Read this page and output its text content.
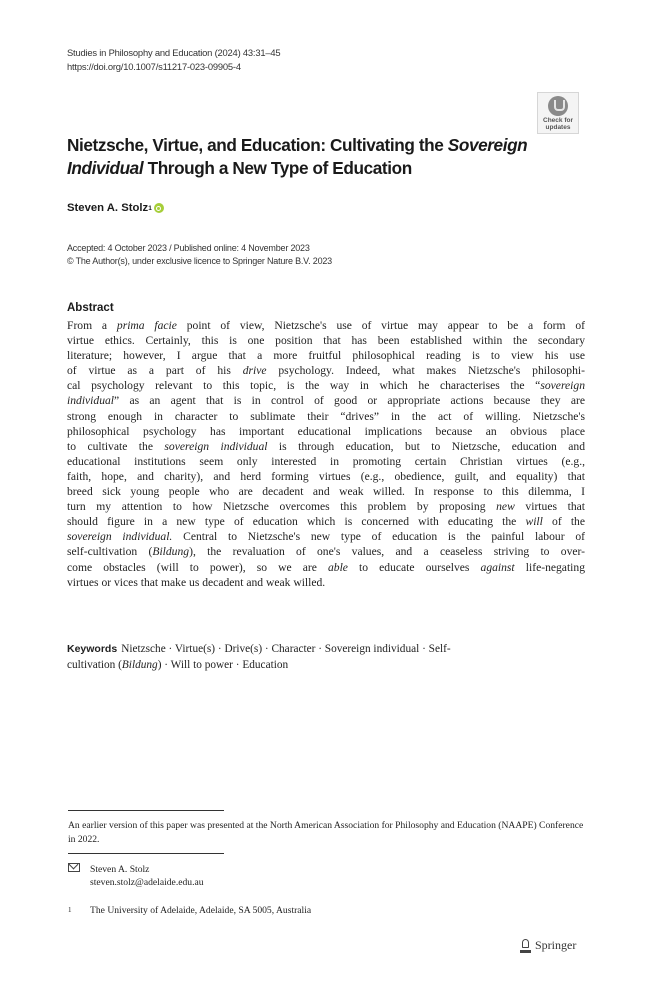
Studies in Philosophy and Education (2024) 43:31–45
https://doi.org/10.1007/s11217-023-09905-4
Check for
updates
Nietzsche, Virtue, and Education: Cultivating the Sovereign Individual Through a New Type of Education
Steven A. Stolz 1
Accepted: 4 October 2023 / Published online: 4 November 2023
© The Author(s), under exclusive licence to Springer Nature B.V. 2023
Abstract
From a prima facie point of view, Nietzsche's use of virtue may appear to be a form of
virtue ethics. Certainly, this is one position that has been established within the secondary
literature; however, I argue that a more fruitful philosophical reading is to view his use
of virtue as a part of his drive psychology. Indeed, what makes Nietzsche's philosophi-
cal psychology relevant to this topic, is the way in which he characterises the “sovereign
individual” as an agent that is in control of good or appropriate actions because they are
strong enough in character to sublimate their “drives” in the act of willing. Nietzsche's
philosophical psychology has important educational implications because an obvious place
to cultivate the sovereign individual is through education, but to Nietzsche, education and
educational institutions seem only interested in promoting certain Christian virtues (e.g.,
faith, hope, and charity), and herd forming virtues (e.g., obedience, guilt, and equality) that
breed sick young people who are decadent and weak willed. In response to this dilemma, I
turn my attention to how Nietzsche overcomes this problem by proposing new virtues that
should figure in a new type of education which is concerned with educating the will of the
sovereign individual. Central to Nietzsche's new type of education is the painful labour of
self-cultivation (Bildung), the revaluation of one's values, and a ceaseless striving to over-
come obstacles (will to power), so we are able to educate ourselves against life-negating
virtues or vices that make us decadent and weak willed.
Keywords Nietzsche · Virtue(s) · Drive(s) · Character · Sovereign individual · Self-
cultivation (Bildung) · Will to power · Education
An earlier version of this paper was presented at the North American Association for Philosophy and Education (NAAPE) Conference in 2022.
Steven A. Stolz
steven.stolz@adelaide.edu.au
1	The University of Adelaide, Adelaide, SA 5005, Australia
Springer
